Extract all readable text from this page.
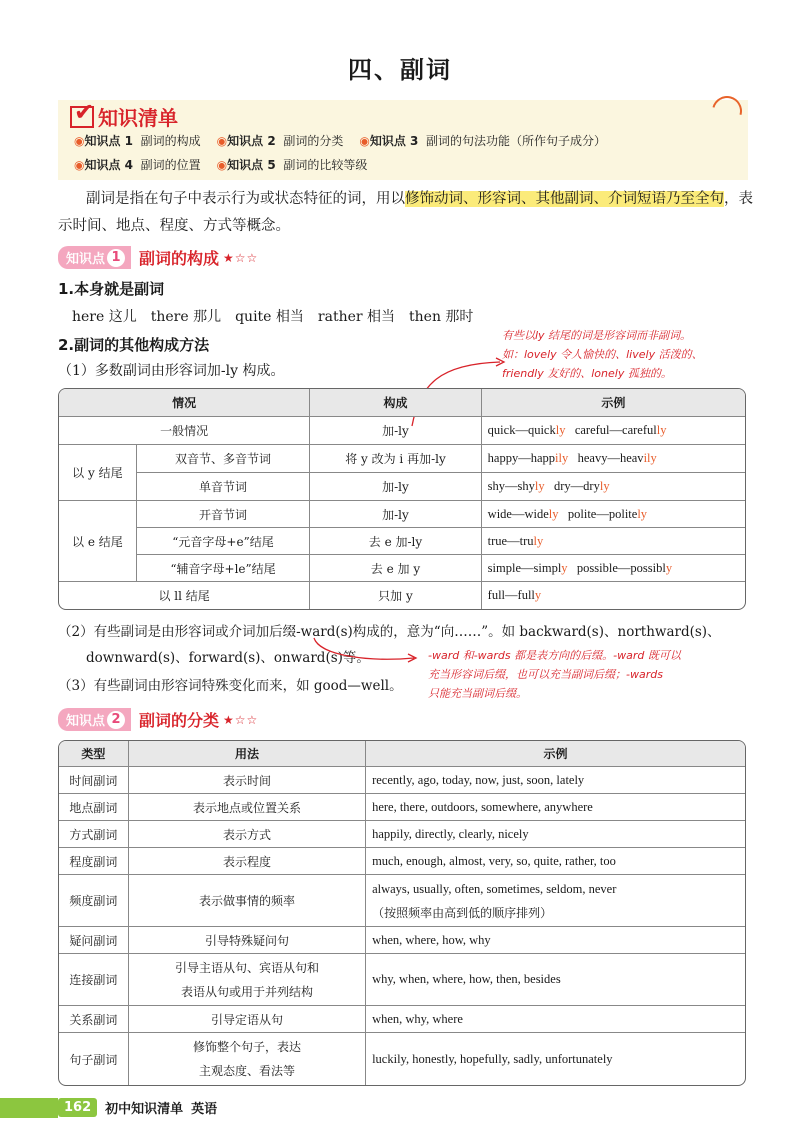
四、副词
✔
知识清单
◉知识点 1 副词的构成 ◉知识点 2 副词的分类 ◉知识点 3 副词的句法功能（所作句子成分）
◉知识点 4 副词的位置 ◉知识点 5 副词的比较等级
副词是指在句子中表示行为或状态特征的词，用以修饰动词、形容词、其他副词、介词短语乃至全句，表示时间、地点、程度、方式等概念。
知识点 1 副词的构成 ★☆☆
1.本身就是副词
here 这儿　there 那儿　quite 相当　rather 相当　then 那时
2.副词的其他构成方法
（1）多数副词由形容词加-ly 构成。
有些以ly 结尾的词是形容词而非副词。
如：lovely 令人愉快的、lively 活泼的、
friendly 友好的、lonely 孤独的。
情况		构成	示例
一般情况		加-ly	quick—quickly careful—carefully
以 y 结尾	双音节、多音节词	将 y 改为 i 再加-ly	happy—happily heavy—heavily
	单音节词	加-ly	shy—shyly dry—dryly
以 e 结尾	开音节词	加-ly	wide—widely polite—politely
	“元音字母+e”结尾	去 e 加-ly	true—truly
	“辅音字母+le”结尾	去 e 加 y	simple—simply possible—possibly
以 ll 结尾		只加 y	full—fully
（2）有些副词是由形容词或介词加后缀-ward(s)构成的，意为“向……”。如 backward(s)、northward(s)、
downward(s)、forward(s)、onward(s)等。
（3）有些副词由形容词特殊变化而来，如 good—well。
-ward 和-wards 都是表方向的后缀。-ward 既可以
充当形容词后缀，也可以充当副词后缀；-wards
只能充当副词后缀。
知识点 2 副词的分类 ★☆☆
类型	用法	示例
时间副词	表示时间	recently, ago, today, now, just, soon, lately
地点副词	表示地点或位置关系	here, there, outdoors, somewhere, anywhere
方式副词	表示方式	happily, directly, clearly, nicely
程度副词	表示程度	much, enough, almost, very, so, quite, rather, too
频度副词	表示做事情的频率	always, usually, often, sometimes, seldom, never
（按照频率由高到低的顺序排列）

疑问副词	引导特殊疑问句	when, where, how, why
连接副词	引导主语从句、宾语从句和
表语从句或用于并列结构	why, when, where, how, then, besides
关系副词	引导定语从句	when, why, where
句子副词	修饰整个句子，表达
主观态度、看法等	luckily, honestly, hopefully, sadly, unfortunately
162	初中知识清单 英语
